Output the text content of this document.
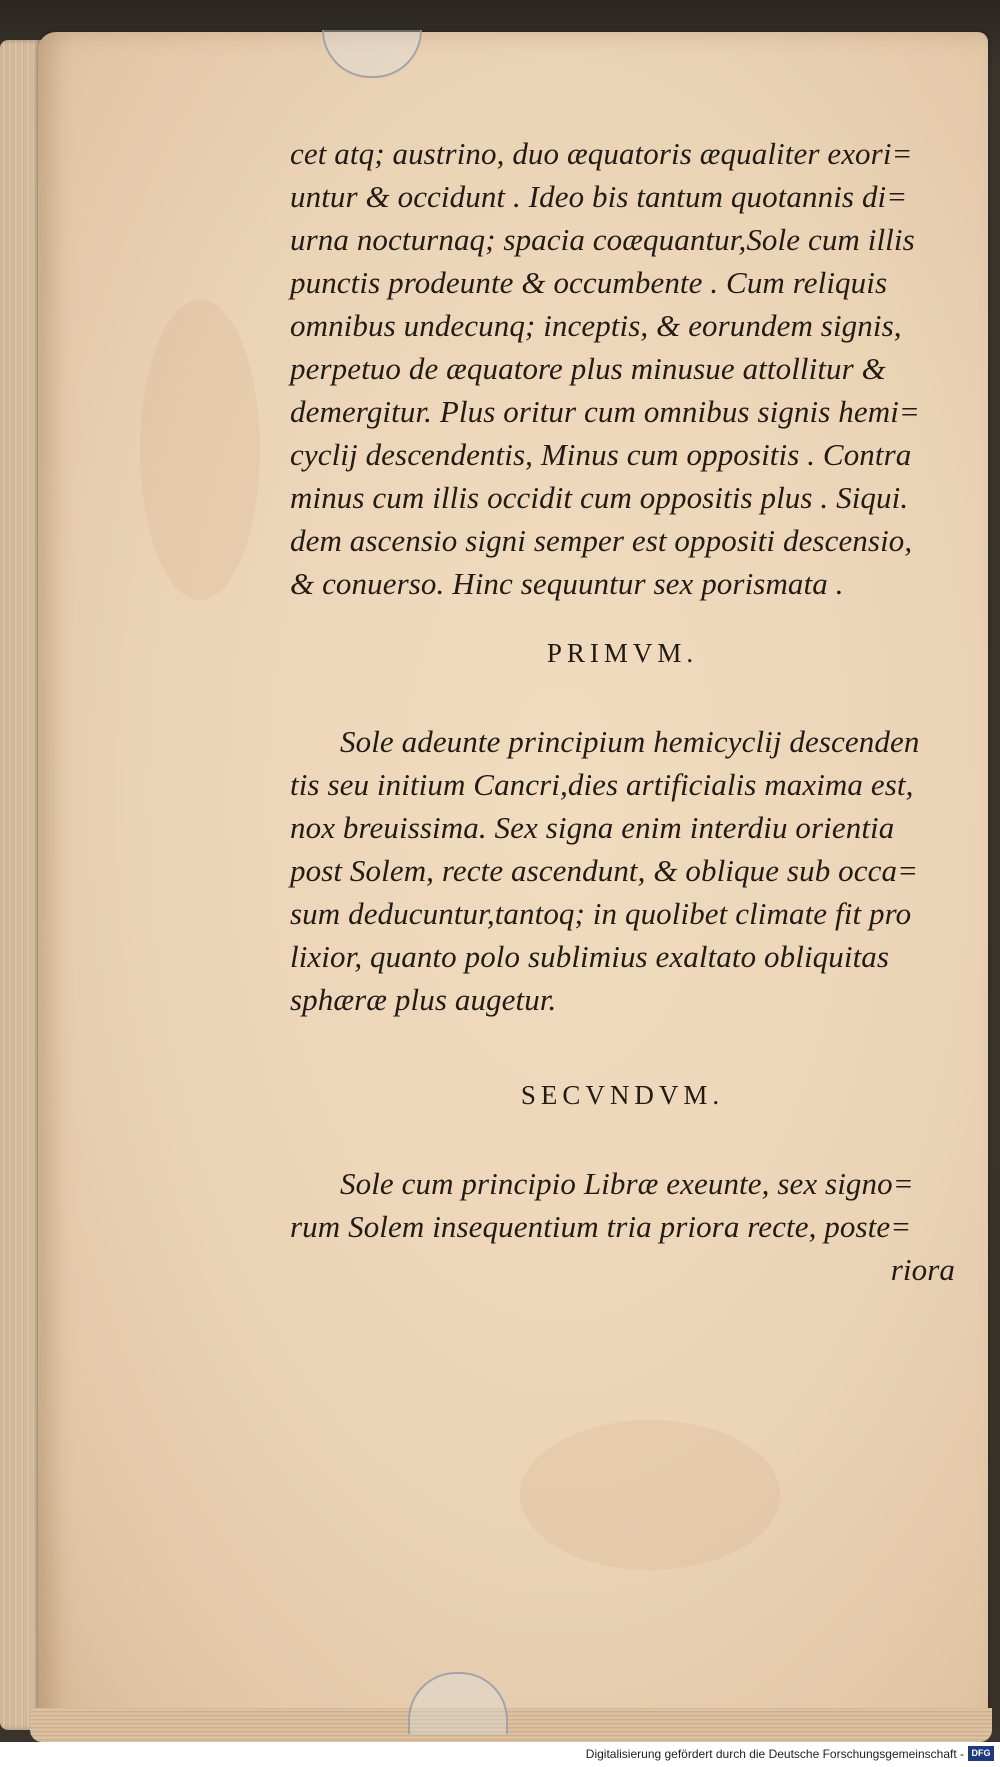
cet atq; austrino, duo æquatoris æqualiter exori=
untur & occidunt . Ideo bis tantum quotannis di=
urna nocturnaq; spacia coæquantur,Sole cum illis
punctis prodeunte & occumbente . Cum reliquis
omnibus undecunq; inceptis, & eorundem signis,
perpetuo de æquatore plus minusue attollitur &
demergitur. Plus oritur cum omnibus signis hemi=
cyclij descendentis, Minus cum oppositis . Contra
minus cum illis occidit cum oppositis plus . Siqui.
dem ascensio signi semper est oppositi descensio,
& conuerso. Hinc sequuntur sex porismata .
PRIMVM.
Sole adeunte principium hemicyclij descenden
tis seu initium Cancri,dies artificialis maxima est,
nox breuissima. Sex signa enim interdiu orientia
post Solem, recte ascendunt, & oblique sub occa=
sum deducuntur,tantoq; in quolibet climate fit pro
lixior, quanto polo sublimius exaltato obliquitas
sphæræ plus augetur.
SECVNDVM.
Sole cum principio Libræ exeunte, sex signo=
rum Solem insequentium tria priora recte, poste=
riora
Digitalisierung gefördert durch die Deutsche Forschungsgemeinschaft - DFG
